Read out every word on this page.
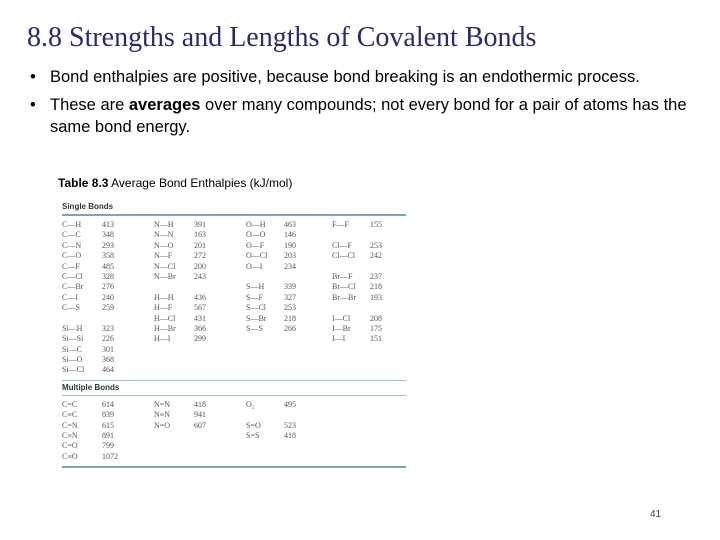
8.8 Strengths and Lengths of Covalent Bonds
• Bond enthalpies are positive, because bond breaking is an endothermic process.
• These are averages over many compounds; not every bond for a pair of atoms has the same bond energy.
Table 8.3 Average Bond Enthalpies (kJ/mol)
Single Bonds
C—H	413
C—C	348
C—N	293
C—O	358
C—F	485
C—Cl	328
C—Br	276
C—I	240
C—S	259
Si—H	323
Si—Si	226
Si—C	301
Si—O	368
Si—Cl	464
N—H	391
N—N	163
N—O	201
N—F	272
N—Cl	200
N—Br	243
H—H	436
H—F	567
H—Cl	431
H—Br	366
H—I	299
O—H	463
O—O	146
O—F	190
O—Cl	203
O—I	234
S—H	339
S—F	327
S—Cl	253
S—Br	218
S—S	266
F—F	155
Cl—F	253
Cl—Cl	242
Br—F	237
Br—Cl	218
Br—Br	193
I—Cl	208
I—Br	175
I—I	151
Multiple Bonds
C=C	614
C≡C	839
C=N	615
C≡N	891
C=O	799
C≡O	1072
N=N	418
N≡N	941
N=O	607
O₂	495
S=O	523
S=S	418
41
